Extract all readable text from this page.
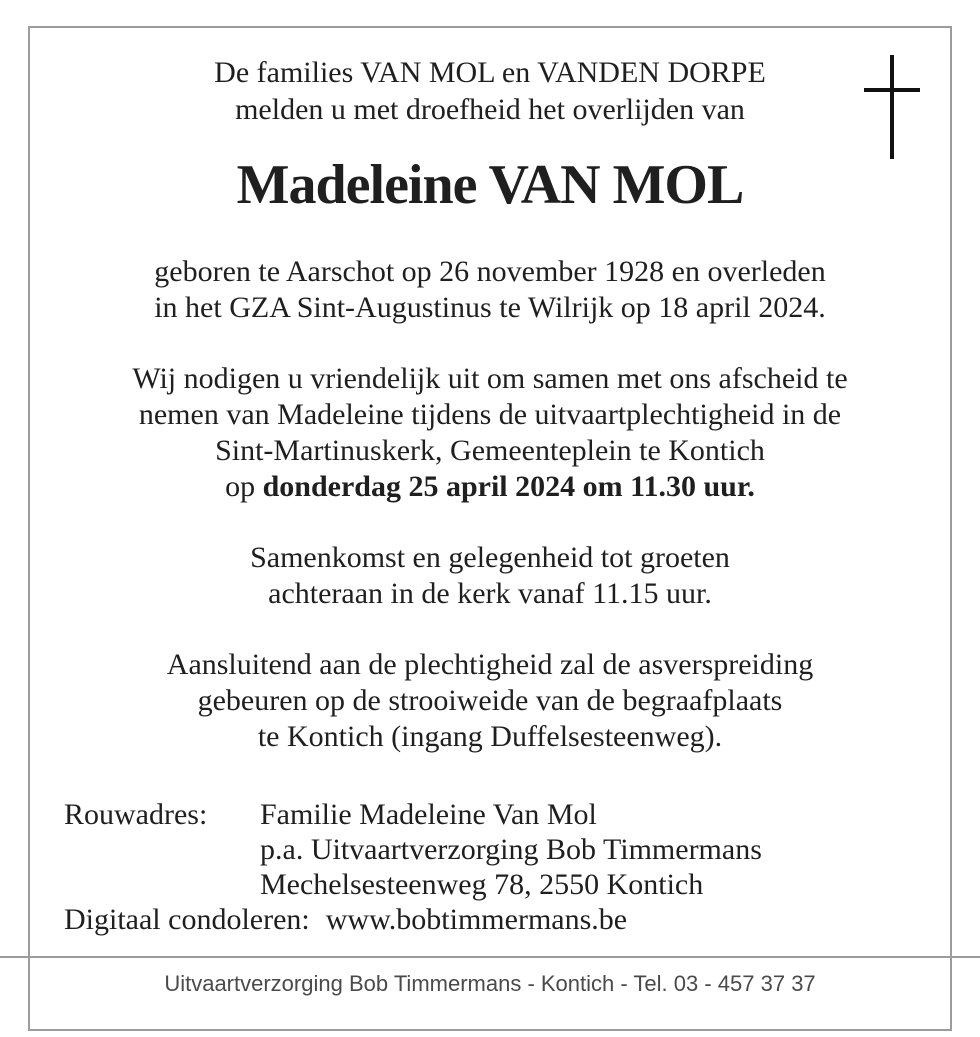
De families VAN MOL en VANDEN DORPE
melden u met droefheid het overlijden van
Madeleine VAN MOL
geboren te Aarschot op 26 november 1928 en overleden
in het GZA Sint-Augustinus te Wilrijk op 18 april 2024.
Wij nodigen u vriendelijk uit om samen met ons afscheid te
nemen van Madeleine tijdens de uitvaartplechtigheid in de
Sint-Martinuskerk, Gemeenteplein te Kontich
op donderdag 25 april 2024 om 11.30 uur.
Samenkomst en gelegenheid tot groeten
achteraan in de kerk vanaf 11.15 uur.
Aansluitend aan de plechtigheid zal de asverspreiding
gebeuren op de strooiweide van de begraafplaats
te Kontich (ingang Duffelsesteenweg).
Rouwadres:	Familie Madeleine Van Mol
p.a. Uitvaartverzorging Bob Timmermans
Mechelsesteenweg 78, 2550 Kontich
Digitaal condoleren: www.bobtimmermans.be
Uitvaartverzorging Bob Timmermans - Kontich - Tel. 03 - 457 37 37
